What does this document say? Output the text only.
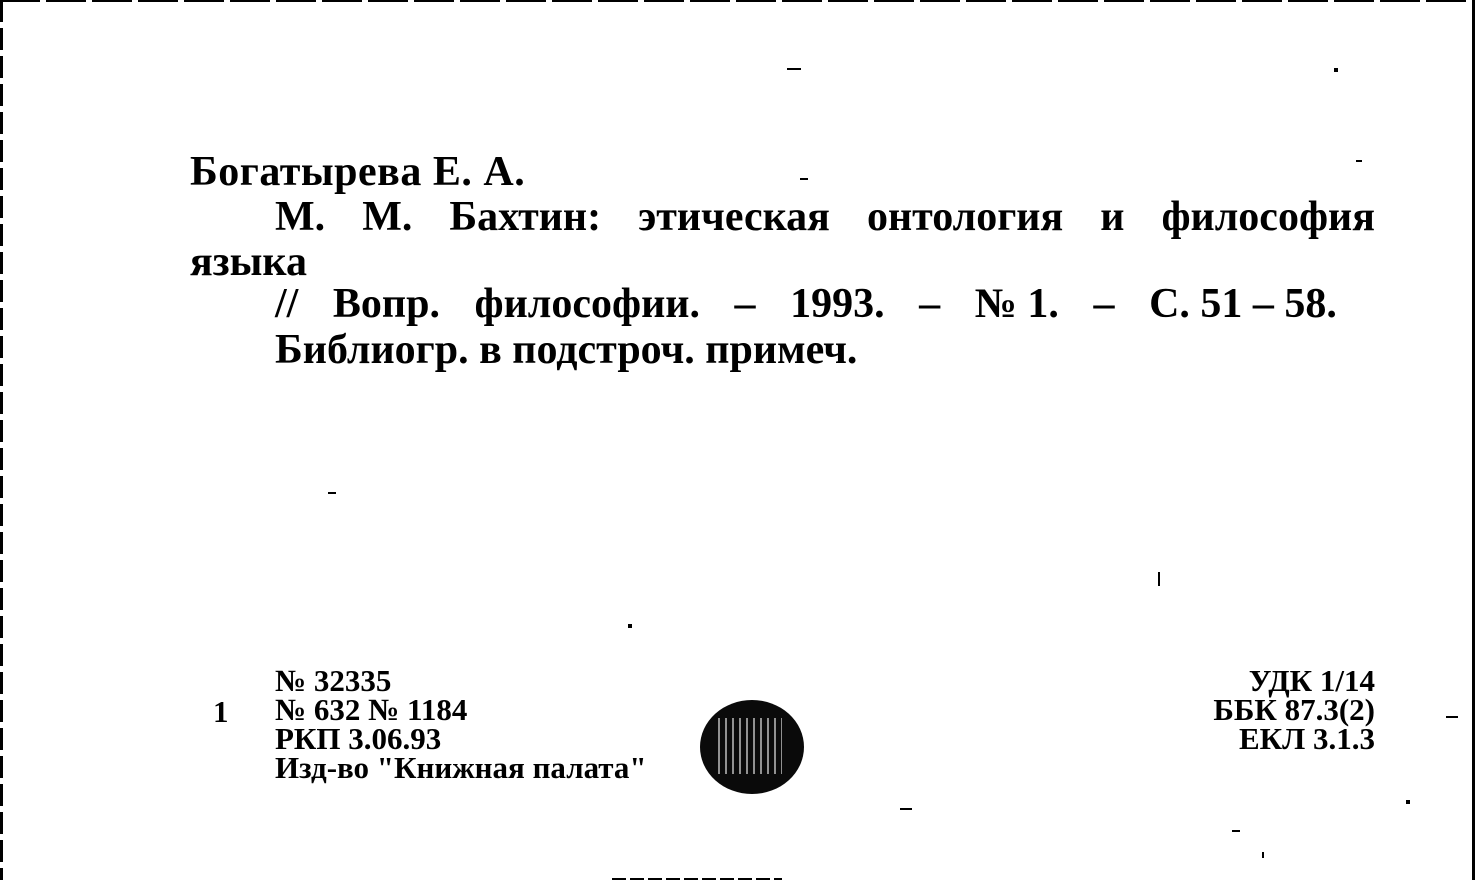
Богатырева Е. А.
М. М. Бахтин: этическая онтология и философия
языка
// Вопр. философии. – 1993. – № 1. – С. 51 – 58.
Библиогр. в подстроч. примеч.
1
№ 32335
№ 632 № 1184
РКП 3.06.93
Изд-во "Книжная палата"
УДК 1/14
ББК 87.3(2)
ЕКЛ 3.1.3
